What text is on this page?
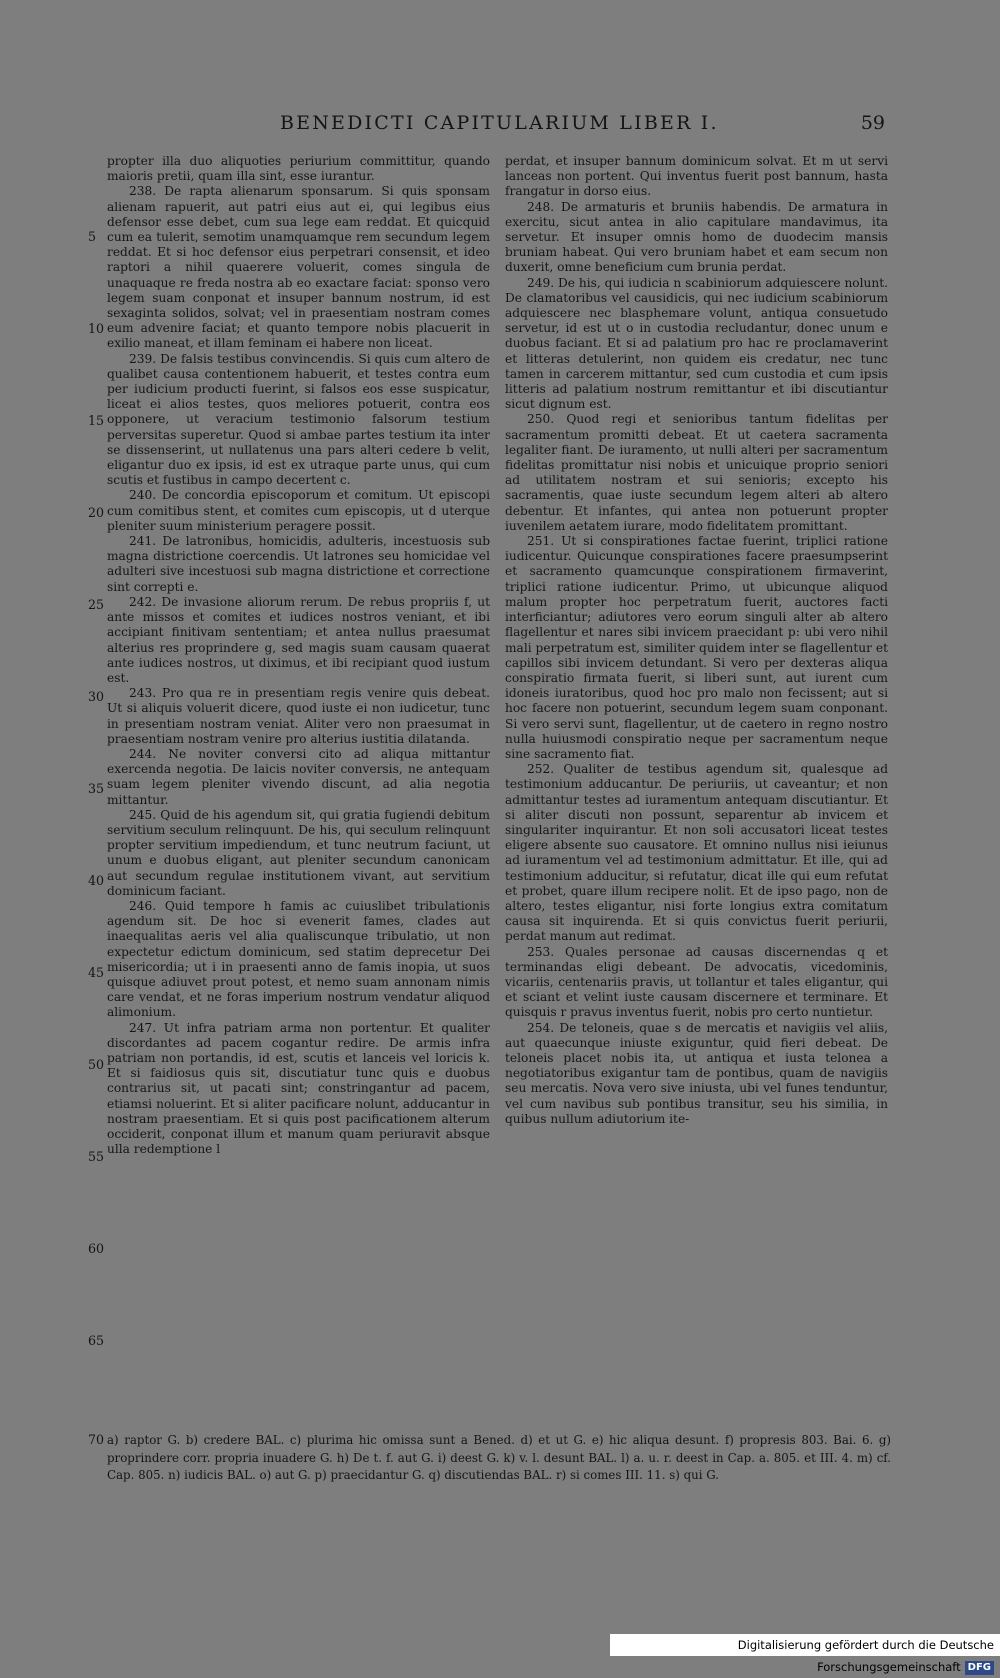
BENEDICTI CAPITULARIUM LIBER I.	59

propter illa duo aliquoties periurium committitur, quando maioris pretii, quam illa sint, esse iurantur.

238. De rapta alienarum sponsarum. Si quis sponsam alienam rapuerit, aut patri eius aut ei, qui legibus eius defensor esse debet, cum sua lege eam reddat. Et quicquid cum ea tulerit, semotim unamquamque rem secundum legem reddat. Et si hoc defensor eius perpetrari consensit, et ideo raptori a nihil quaerere voluerit, comes singula de unaquaque re freda nostra ab eo exactare faciat: sponso vero legem suam conponat et insuper bannum nostrum, id est sexaginta solidos, solvat; vel in praesentiam nostram comes eum advenire faciat; et quanto tempore nobis placuerit in exilio maneat, et illam feminam ei habere non liceat.

239. De falsis testibus convincendis. Si quis cum altero de qualibet causa contentionem habuerit, et testes contra eum per iudicium producti fuerint, si falsos eos esse suspicatur, liceat ei alios testes, quos meliores potuerit, contra eos opponere, ut veracium testimonio falsorum testium perversitas superetur. Quod si ambae partes testium ita inter se dissenserint, ut nullatenus una pars alteri cedere b velit, eligantur duo ex ipsis, id est ex utraque parte unus, qui cum scutis et fustibus in campo decertent c.

240. De concordia episcoporum et comitum. Ut episcopi cum comitibus stent, et comites cum episcopis, ut d uterque pleniter suum ministerium peragere possit.

241. De latronibus, homicidis, adulteris, incestuosis sub magna districtione coercendis. Ut latrones seu homicidae vel adulteri sive incestuosi sub magna districtione et correctione sint correpti e.

242. De invasione aliorum rerum. De rebus propriis f, ut ante missos et comites et iudices nostros veniant, et ibi accipiant finitivam sententiam; et antea nullus praesumat alterius res proprindere g, sed magis suam causam quaerat ante iudices nostros, ut diximus, et ibi recipiant quod iustum est.

243. Pro qua re in presentiam regis venire quis debeat. Ut si aliquis voluerit dicere, quod iuste ei non iudicetur, tunc in presentiam nostram veniat. Aliter vero non praesumat in praesentiam nostram venire pro alterius iustitia dilatanda.

244. Ne noviter conversi cito ad aliqua mittantur exercenda negotia. De laicis noviter conversis, ne antequam suam legem pleniter vivendo discunt, ad alia negotia mittantur.

245. Quid de his agendum sit, qui gratia fugiendi debitum servitium seculum relinquunt. De his, qui seculum relinquunt propter servitium impediendum, et tunc neutrum faciunt, ut unum e duobus eligant, aut pleniter secundum canonicam aut secundum regulae institutionem vivant, aut servitium dominicum faciant.

246. Quid tempore h famis ac cuiuslibet tribulationis agendum sit. De hoc si evenerit fames, clades aut inaequalitas aeris vel alia qualiscunque tribulatio, ut non expectetur edictum dominicum, sed statim deprecetur Dei misericordia; ut i in praesenti anno de famis inopia, ut suos quisque adiuvet prout potest, et nemo suam annonam nimis care vendat, et ne foras imperium nostrum vendatur aliquod alimonium.

247. Ut infra patriam arma non portentur. Et qualiter discordantes ad pacem cogantur redire. De armis infra patriam non portandis, id est, scutis et lanceis vel loricis k. Et si faidiosus quis sit, discutiatur tunc quis e duobus contrarius sit, ut pacati sint; constringantur ad pacem, etiamsi noluerint. Et si aliter pacificare nolunt, adducantur in nostram praesentiam. Et si quis post pacificationem alterum occiderit, conponat illum et manum quam periuravit absque ulla redemptione l

perdat, et insuper bannum dominicum solvat. Et m ut servi lanceas non portent. Qui inventus fuerit post bannum, hasta frangatur in dorso eius.

248. De armaturis et bruniis habendis. De armatura in exercitu, sicut antea in alio capitulare mandavimus, ita servetur. Et insuper omnis homo de duodecim mansis bruniam habeat. Qui vero bruniam habet et eam secum non duxerit, omne beneficium cum brunia perdat.

249. De his, qui iudicia n scabiniorum adquiescere nolunt. De clamatoribus vel causidicis, qui nec iudicium scabiniorum adquiescere nec blasphemare volunt, antiqua consuetudo servetur, id est ut o in custodia recludantur, donec unum e duobus faciant. Et si ad palatium pro hac re proclamaverint et litteras detulerint, non quidem eis credatur, nec tunc tamen in carcerem mittantur, sed cum custodia et cum ipsis litteris ad palatium nostrum remittantur et ibi discutiantur sicut dignum est.

250. Quod regi et senioribus tantum fidelitas per sacramentum promitti debeat. Et ut caetera sacramenta legaliter fiant. De iuramento, ut nulli alteri per sacramentum fidelitas promittatur nisi nobis et unicuique proprio seniori ad utilitatem nostram et sui senioris; excepto his sacramentis, quae iuste secundum legem alteri ab altero debentur. Et infantes, qui antea non potuerunt propter iuvenilem aetatem iurare, modo fidelitatem promittant.

251. Ut si conspirationes factae fuerint, triplici ratione iudicentur. Quicunque conspirationes facere praesumpserint et sacramento quamcunque conspirationem firmaverint, triplici ratione iudicentur. Primo, ut ubicunque aliquod malum propter hoc perpetratum fuerit, auctores facti interficiantur; adiutores vero eorum singuli alter ab altero flagellentur et nares sibi invicem praecidant p: ubi vero nihil mali perpetratum est, similiter quidem inter se flagellentur et capillos sibi invicem detundant. Si vero per dexteras aliqua conspiratio firmata fuerit, si liberi sunt, aut iurent cum idoneis iuratoribus, quod hoc pro malo non fecissent; aut si hoc facere non potuerint, secundum legem suam conponant. Si vero servi sunt, flagellentur, ut de caetero in regno nostro nulla huiusmodi conspiratio neque per sacramentum neque sine sacramento fiat.

252. Qualiter de testibus agendum sit, qualesque ad testimonium adducantur. De periuriis, ut caveantur; et non admittantur testes ad iuramentum antequam discutiantur. Et si aliter discuti non possunt, separentur ab invicem et singulariter inquirantur. Et non soli accusatori liceat testes eligere absente suo causatore. Et omnino nullus nisi ieiunus ad iuramentum vel ad testimonium admittatur. Et ille, qui ad testimonium adducitur, si refutatur, dicat ille qui eum refutat et probet, quare illum recipere nolit. Et de ipso pago, non de altero, testes eligantur, nisi forte longius extra comitatum causa sit inquirenda. Et si quis convictus fuerit periurii, perdat manum aut redimat.

253. Quales personae ad causas discernendas q et terminandas eligi debeant. De advocatis, vicedominis, vicariis, centenariis pravis, ut tollantur et tales eligantur, qui et sciant et velint iuste causam discernere et terminare. Et quisquis r pravus inventus fuerit, nobis pro certo nuntietur.

254. De teloneis, quae s de mercatis et navigiis vel aliis, aut quaecunque iniuste exiguntur, quid fieri debeat. De teloneis placet nobis ita, ut antiqua et iusta telonea a negotiatoribus exigantur tam de pontibus, quam de navigiis seu mercatis. Nova vero sive iniusta, ubi vel funes tenduntur, vel cum navibus sub pontibus transitur, seu his similia, in quibus nullum adiutorium ite-

5
10
15
20
25
30
35
40
45
50
55
60
65
70 a) raptor G. b) credere BAL. c) plurima hic omissa sunt a Bened. d) et ut G. e) hic aliqua desunt. f) propresis 803. Bai. 6. g) proprindere corr. propria inuadere G. h) De t. f. aut G. i) deest G. k) v. l. desunt BAL. l) a. u. r. deest in Cap. a. 805. et III. 4. m) cf. Cap. 805. n) iudicis BAL. o) aut G. p) praecidantur G. q) discutiendas BAL. r) si comes III. 11. s) qui G.
Digitalisierung gefördert durch die Deutsche Forschungsgemeinschaft DFG
